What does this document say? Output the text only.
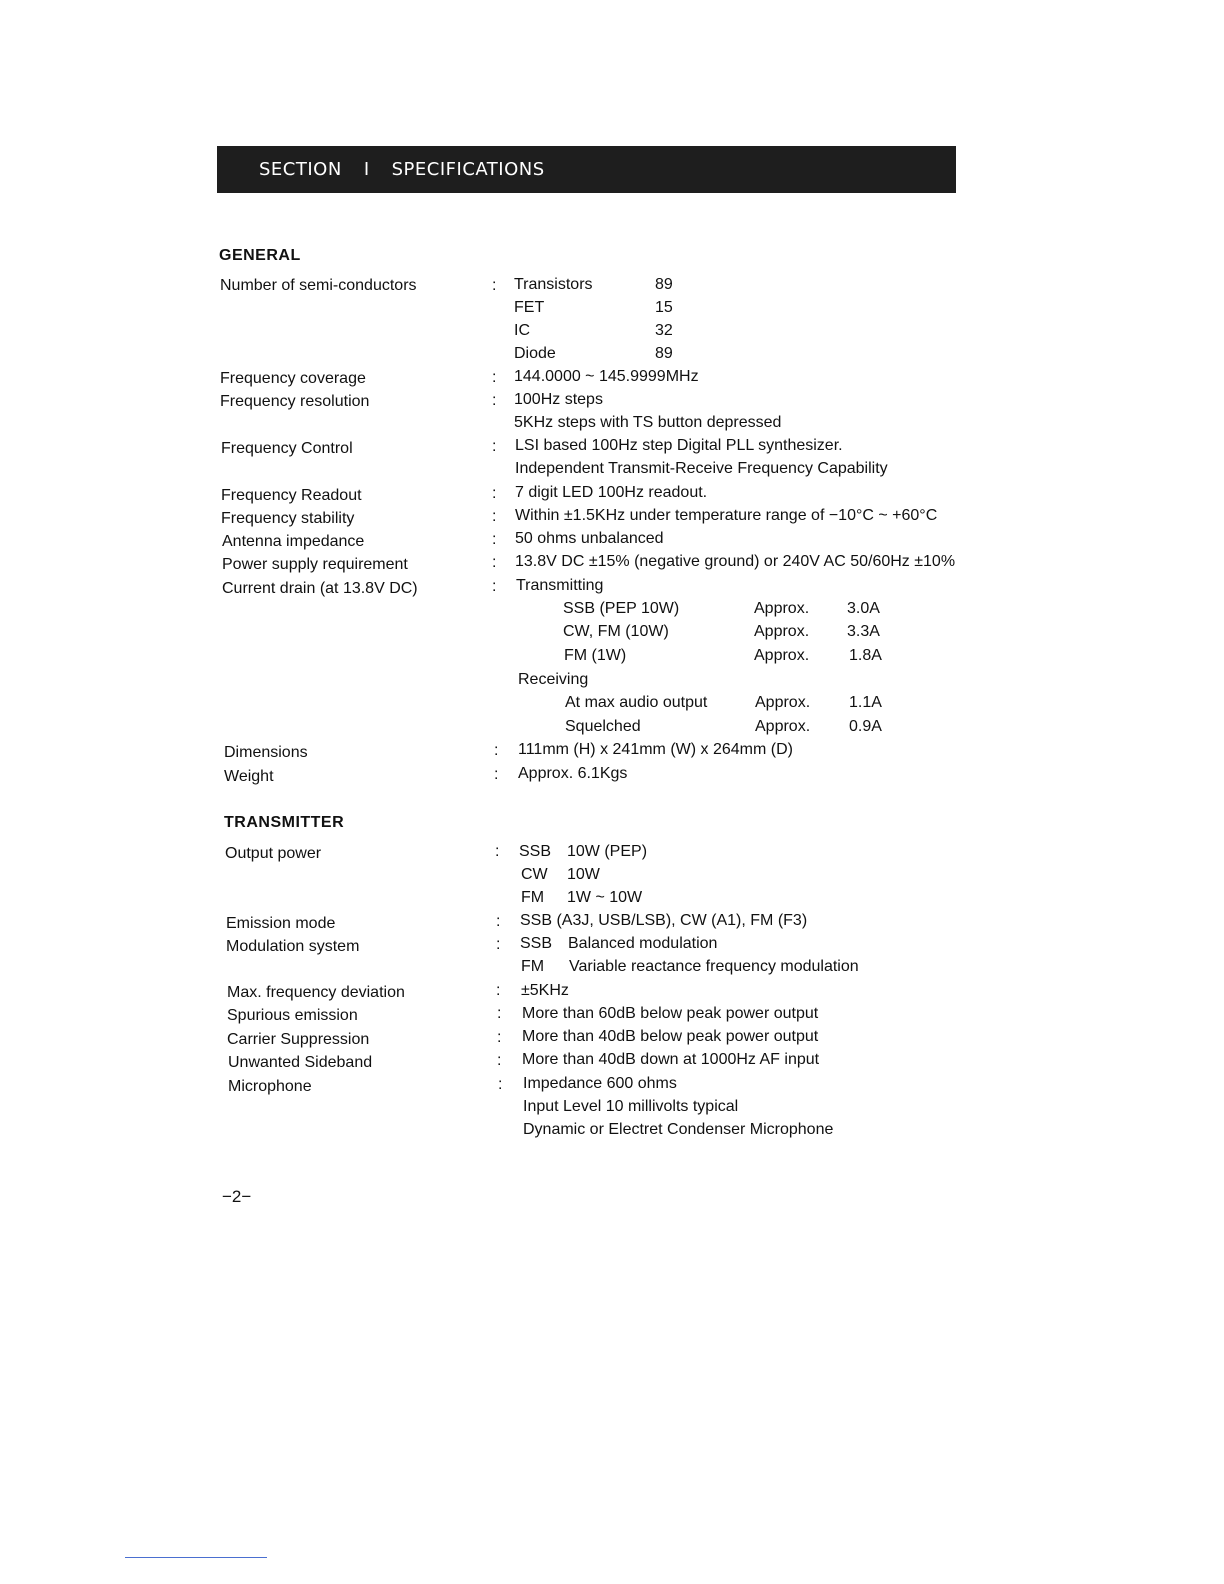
SECTION I SPECIFICATIONS
GENERAL
Number of semi-conductors	: Transistors	89
FET	15
IC	32
Diode	89
Frequency coverage	: 144.0000 ~ 145.9999MHz
Frequency resolution	: 100Hz steps
5KHz steps with TS button depressed
Frequency Control	: LSI based 100Hz step Digital PLL synthesizer.
Independent Transmit-Receive Frequency Capability
Frequency Readout	: 7 digit LED 100Hz readout.
Frequency stability	: Within ±1.5KHz under temperature range of −10°C ~ +60°C
Antenna impedance	: 50 ohms unbalanced
Power supply requirement	: 13.8V DC ±15% (negative ground) or 240V AC 50/60Hz ±10%
Current drain (at 13.8V DC)	: Transmitting
SSB (PEP 10W)	Approx. 3.0A
CW, FM (10W)	Approx. 3.3A
FM (1W)	Approx. 1.8A
Receiving
At max audio output	Approx. 1.1A
Squelched	Approx. 0.9A
Dimensions	: 111mm (H) x 241mm (W) x 264mm (D)
Weight	: Approx. 6.1Kgs
TRANSMITTER
Output power	: SSB 10W (PEP)
CW 10W
FM 1W ~ 10W
Emission mode	: SSB (A3J, USB/LSB), CW (A1), FM (F3)
Modulation system	: SSB Balanced modulation
FM Variable reactance frequency modulation
Max. frequency deviation	: ±5KHz
Spurious emission	: More than 60dB below peak power output
Carrier Suppression	: More than 40dB below peak power output
Unwanted Sideband	: More than 40dB down at 1000Hz AF input
Microphone	: Impedance 600 ohms
Input Level 10 millivolts typical
Dynamic or Electret Condenser Microphone
−2−
